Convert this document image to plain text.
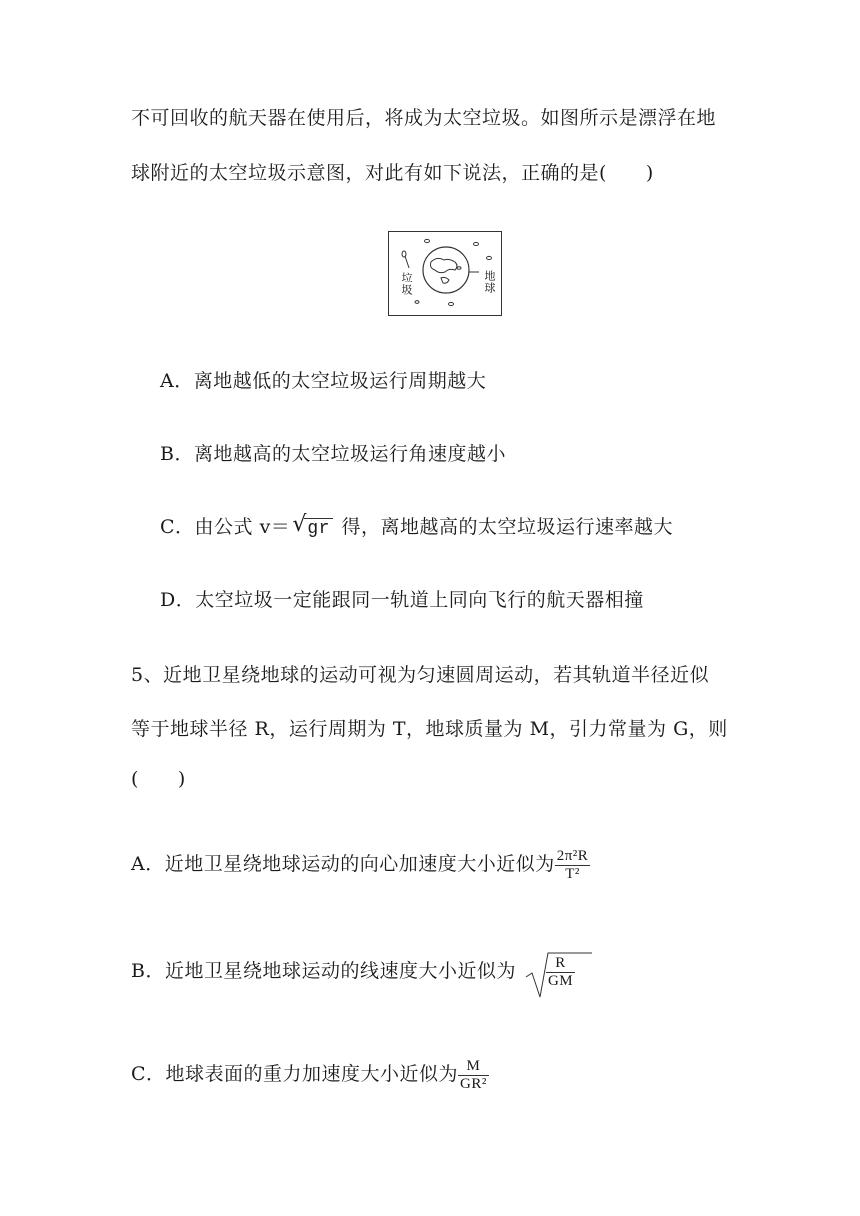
不可回收的航天器在使用后，将成为太空垃圾。如图所示是漂浮在地
球附近的太空垃圾示意图，对此有如下说法，正确的是(　　)
垃圾	地球
A．离地越低的太空垃圾运行周期越大
B．离地越高的太空垃圾运行角速度越小
C．由公式 v＝ √ gr 得，离地越高的太空垃圾运行速率越大
D．太空垃圾一定能跟同一轨道上同向飞行的航天器相撞
5、近地卫星绕地球的运动可视为匀速圆周运动，若其轨道半径近似
等于地球半径 R，运行周期为 T，地球质量为 M，引力常量为 G，则
(　　)
A．近地卫星绕地球运动的向心加速度大小近似为 $\frac{\text{2π²R}}{\text{T²}}$
B．近地卫星绕地球运动的线速度大小近似为 $\frac{R}{GM}$
C．地球表面的重力加速度大小近似为 $\frac{M}{\text{GR²}}$
